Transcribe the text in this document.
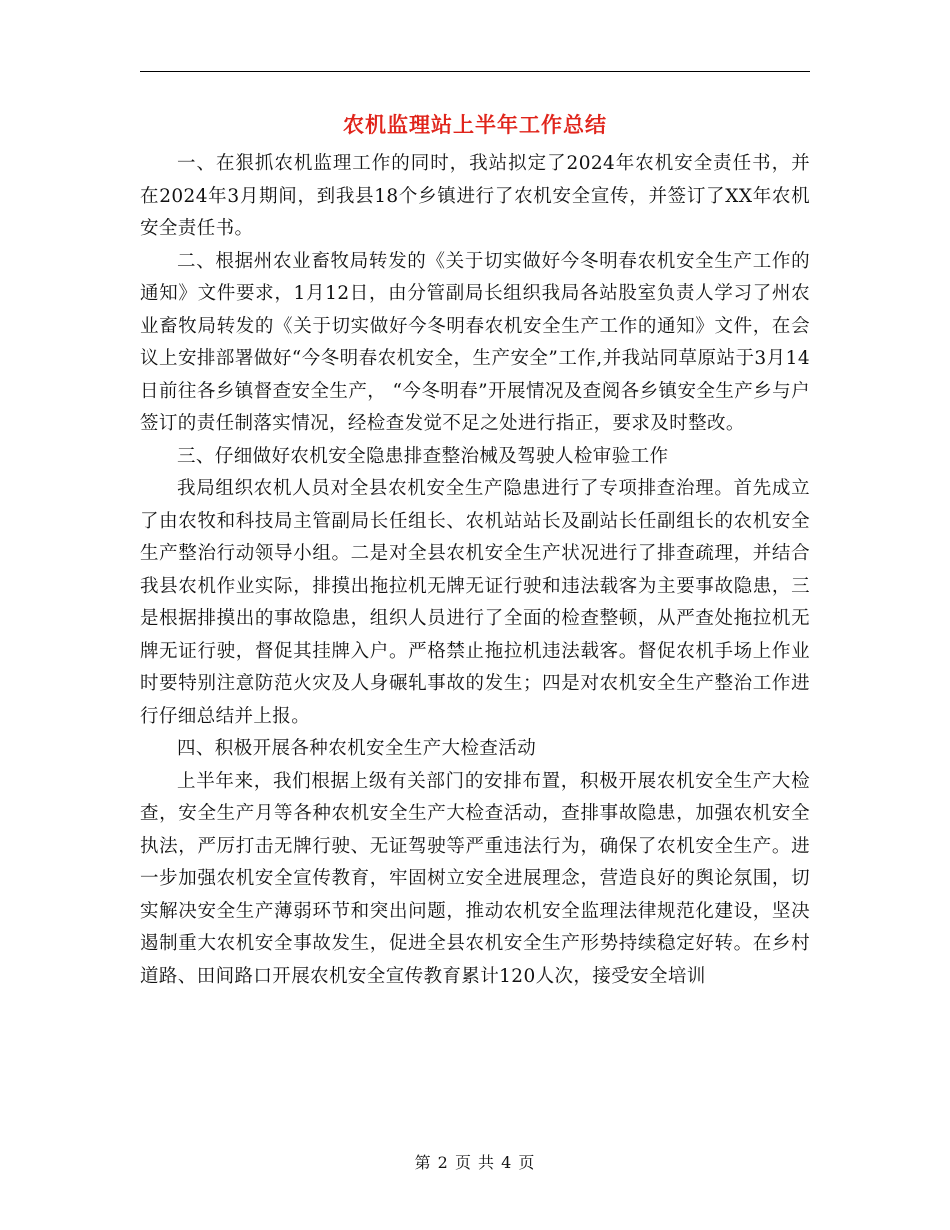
农机监理站上半年工作总结

一、在狠抓农机监理工作的同时，我站拟定了2024年农机安全责任书，并在2024年3月期间，到我县18个乡镇进行了农机安全宣传，并签订了XX年农机安全责任书。

二、根据州农业畜牧局转发的《关于切实做好今冬明春农机安全生产工作的通知》文件要求，1月12日，由分管副局长组织我局各站股室负责人学习了州农业畜牧局转发的《关于切实做好今冬明春农机安全生产工作的通知》文件，在会议上安排部署做好“今冬明春农机安全，生产安全”工作,并我站同草原站于3月14日前往各乡镇督查安全生产， “今冬明春”开展情况及查阅各乡镇安全生产乡与户签订的责任制落实情况，经检查发觉不足之处进行指正，要求及时整改。

三、仔细做好农机安全隐患排查整治械及驾驶人检审验工作

我局组织农机人员对全县农机安全生产隐患进行了专项排查治理。首先成立了由农牧和科技局主管副局长任组长、农机站站长及副站长任副组长的农机安全生产整治行动领导小组。二是对全县农机安全生产状况进行了排查疏理，并结合我县农机作业实际，排摸出拖拉机无牌无证行驶和违法载客为主要事故隐患，三是根据排摸出的事故隐患，组织人员进行了全面的检查整顿，从严查处拖拉机无牌无证行驶，督促其挂牌入户。严格禁止拖拉机违法载客。督促农机手场上作业时要特别注意防范火灾及人身碾轧事故的发生；四是对农机安全生产整治工作进行仔细总结并上报。

四、积极开展各种农机安全生产大检查活动

上半年来，我们根据上级有关部门的安排布置，积极开展农机安全生产大检查，安全生产月等各种农机安全生产大检查活动，查排事故隐患，加强农机安全执法，严厉打击无牌行驶、无证驾驶等严重违法行为，确保了农机安全生产。进一步加强农机安全宣传教育，牢固树立安全进展理念，营造良好的舆论氛围，切实解决安全生产薄弱环节和突出问题，推动农机安全监理法律规范化建设，坚决遏制重大农机安全事故发生，促进全县农机安全生产形势持续稳定好转。在乡村道路、田间路口开展农机安全宣传教育累计120人次，接受安全培训

第 2 页 共 4 页
